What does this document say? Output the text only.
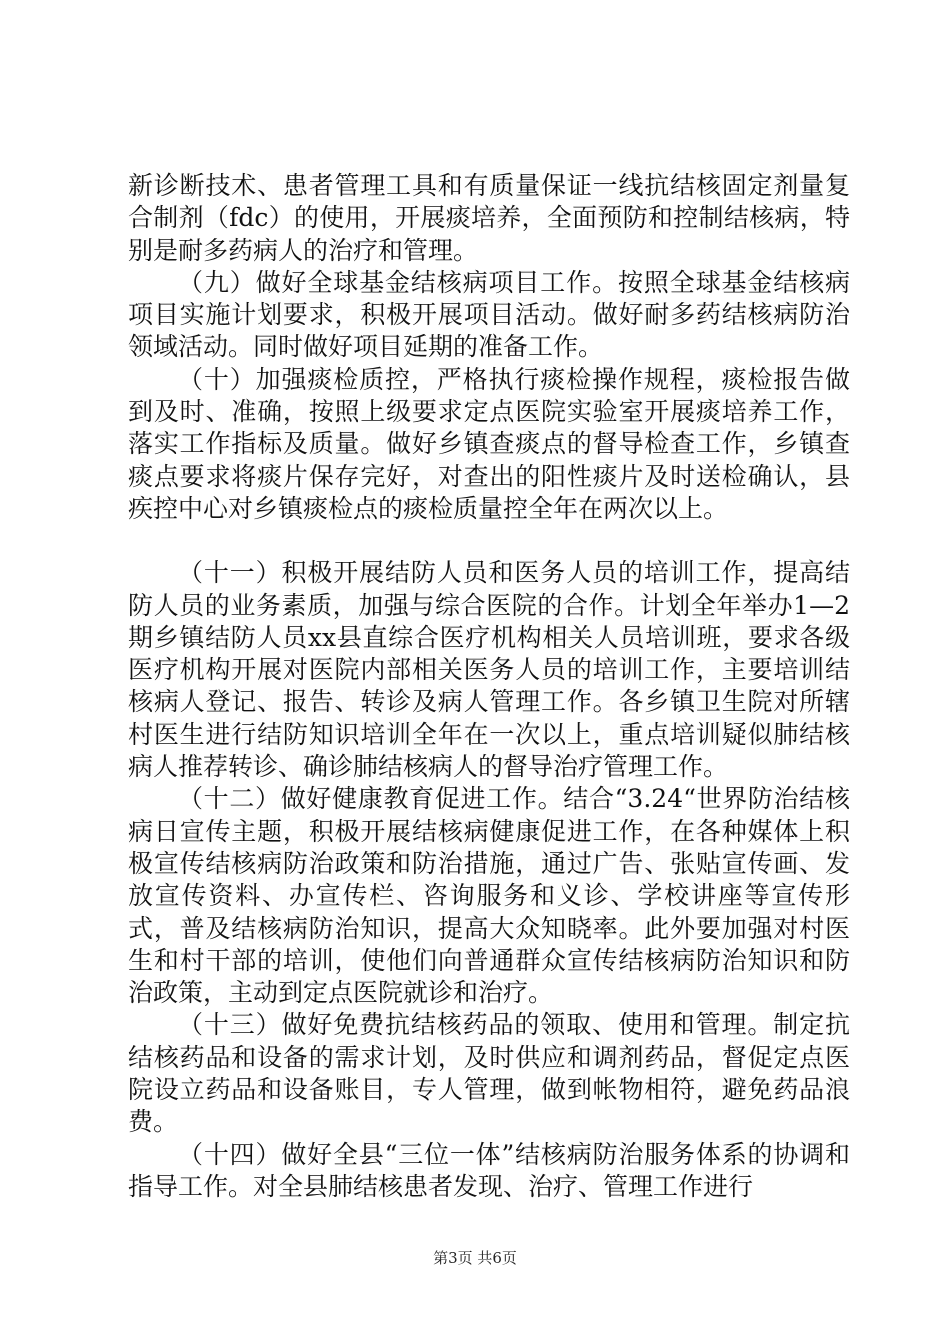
新诊断技术、患者管理工具和有质量保证一线抗结核固定剂量复合制剂（fdc）的使用，开展痰培养，全面预防和控制结核病，特别是耐多药病人的治疗和管理。

（九）做好全球基金结核病项目工作。按照全球基金结核病项目实施计划要求，积极开展项目活动。做好耐多药结核病防治领域活动。同时做好项目延期的准备工作。

（十）加强痰检质控，严格执行痰检操作规程，痰检报告做到及时、准确，按照上级要求定点医院实验室开展痰培养工作，落实工作指标及质量。做好乡镇查痰点的督导检查工作，乡镇查痰点要求将痰片保存完好，对查出的阳性痰片及时送检确认，县疾控中心对乡镇痰检点的痰检质量控全年在两次以上。

（十一）积极开展结防人员和医务人员的培训工作，提高结防人员的业务素质，加强与综合医院的合作。计划全年举办1—2期乡镇结防人员xx县直综合医疗机构相关人员培训班，要求各级医疗机构开展对医院内部相关医务人员的培训工作，主要培训结核病人登记、报告、转诊及病人管理工作。各乡镇卫生院对所辖村医生进行结防知识培训全年在一次以上，重点培训疑似肺结核病人推荐转诊、确诊肺结核病人的督导治疗管理工作。

（十二）做好健康教育促进工作。结合“3.24“世界防治结核病日宣传主题，积极开展结核病健康促进工作，在各种媒体上积极宣传结核病防治政策和防治措施，通过广告、张贴宣传画、发放宣传资料、办宣传栏、咨询服务和义诊、学校讲座等宣传形式，普及结核病防治知识，提高大众知晓率。此外要加强对村医生和村干部的培训，使他们向普通群众宣传结核病防治知识和防治政策，主动到定点医院就诊和治疗。

（十三）做好免费抗结核药品的领取、使用和管理。制定抗结核药品和设备的需求计划，及时供应和调剂药品，督促定点医院设立药品和设备账目，专人管理，做到帐物相符，避免药品浪费。

（十四）做好全县“三位一体”结核病防治服务体系的协调和指导工作。对全县肺结核患者发现、治疗、管理工作进行

第3页 共6页
